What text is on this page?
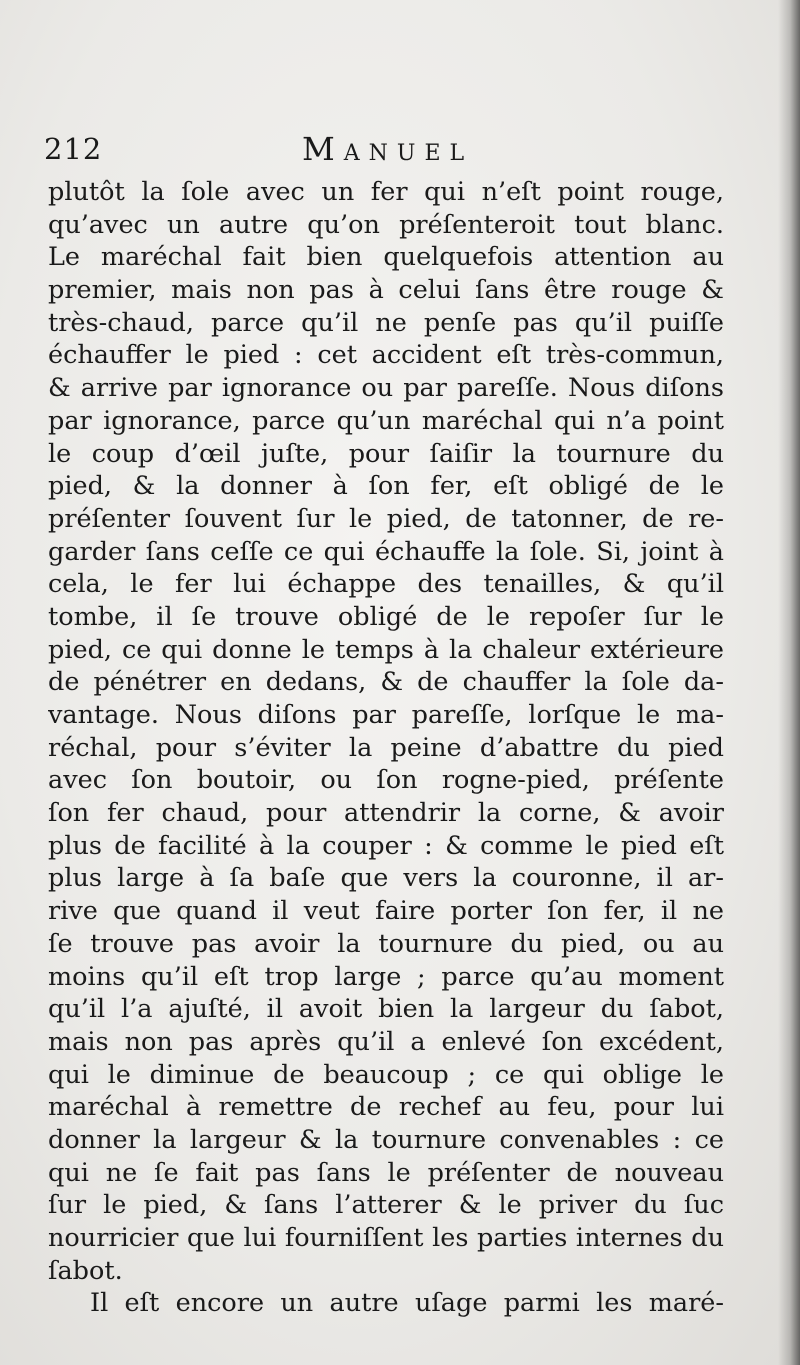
212	Manuel
plutôt la ſole avec un fer qui n’eſt point rouge,
qu’avec un autre qu’on préſenteroit tout blanc.
Le maréchal fait bien quelquefois attention au
premier, mais non pas à celui ſans être rouge &
très-chaud, parce qu’il ne penſe pas qu’il puiſſe
échauffer le pied : cet accident eſt très-commun,
& arrive par ignorance ou par pareſſe. Nous diſons
par ignorance, parce qu’un maréchal qui n’a point
le coup d’œil juſte, pour ſaiſir la tournure du
pied, & la donner à ſon fer, eſt obligé de le
préſenter ſouvent ſur le pied, de tatonner, de re-
garder ſans ceſſe ce qui échauffe la ſole. Si, joint à
cela, le fer lui échappe des tenailles, & qu’il
tombe, il ſe trouve obligé de le repoſer ſur le
pied, ce qui donne le temps à la chaleur extérieure
de pénétrer en dedans, & de chauffer la ſole da-
vantage. Nous diſons par pareſſe, lorſque le ma-
réchal, pour s’éviter la peine d’abattre du pied
avec ſon boutoir, ou ſon rogne-pied, préſente
ſon fer chaud, pour attendrir la corne, & avoir
plus de facilité à la couper : & comme le pied eſt
plus large à ſa baſe que vers la couronne, il ar-
rive que quand il veut faire porter ſon fer, il ne
ſe trouve pas avoir la tournure du pied, ou au
moins qu’il eſt trop large ; parce qu’au moment
qu’il l’a ajuſté, il avoit bien la largeur du ſabot,
mais non pas après qu’il a enlevé ſon excédent,
qui le diminue de beaucoup ; ce qui oblige le
maréchal à remettre de rechef au feu, pour lui
donner la largeur & la tournure convenables : ce
qui ne ſe fait pas ſans le préſenter de nouveau
ſur le pied, & ſans l’atterer & le priver du ſuc
nourricier que lui fourniſſent les parties internes du
ſabot.
Il eſt encore un autre uſage parmi les maré-
